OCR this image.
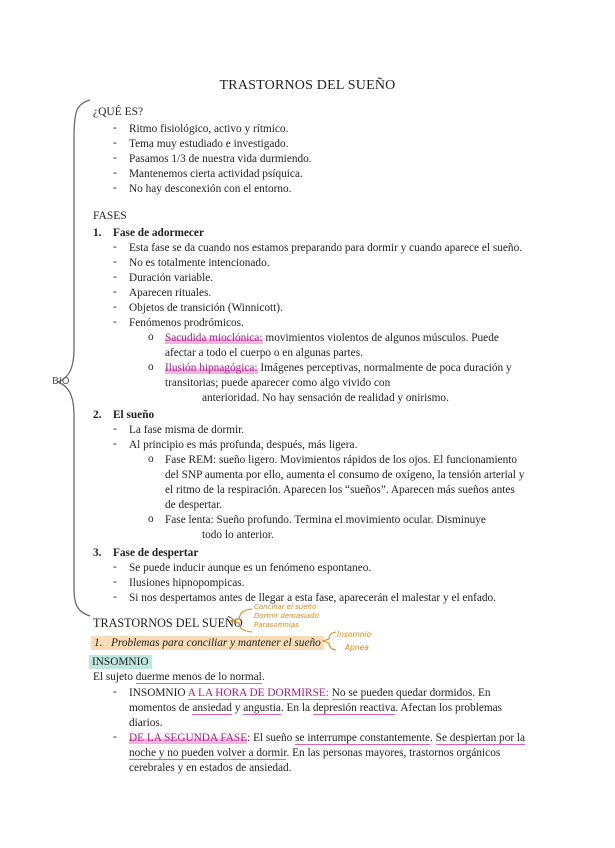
TRASTORNOS DEL SUEÑO
BIO
¿QUÉ ES?
- Ritmo fisiológico, activo y rítmico.
- Tema muy estudiado e investigado.
- Pasamos 1/3 de nuestra vida durmiendo.
- Mantenemos cierta actividad psíquica.
- No hay desconexión con el entorno.
FASES
1. Fase de adormecer
- Esta fase se da cuando nos estamos preparando para dormir y cuando aparece el sueño.
- No es totalmente intencionado.
- Duración variable.
- Aparecen rituales.
- Objetos de transición (Winnicott).
- Fenómenos prodrómicos.
o Sacudida mioclónica: movimientos violentos de algunos músculos. Puede
afectar a todo el cuerpo o en algunas partes.
o Ilusión hipnagógica: Imágenes perceptivas, normalmente de poca duración y
transitorias; puede aparecer como algo vivido con
anterioridad. No hay sensación de realidad y onirismo.
2. El sueño
- La fase misma de dormir.
- Al principio es más profunda, después, más ligera.
o Fase REM: sueño ligero. Movimientos rápidos de los ojos. El funcionamiento
del SNP aumenta por ello, aumenta el consumo de oxígeno, la tensión arterial y
el ritmo de la respiración. Aparecen los “sueños”. Aparecen más sueños antes
de despertar.
o Fase lenta: Sueño profundo. Termina el movimiento ocular. Disminuye
todo lo anterior.
3. Fase de despertar
- Se puede inducir aunque es un fenómeno espontaneo.
- Ilusiones hipnopompicas.
- Si nos despertamos antes de llegar a esta fase, aparecerán el malestar y el enfado.
TRASTORNOS DEL SUEÑO
Conciliar el sueño
Dormir demasiado
Parasomnias
1. Problemas para conciliar y mantener el sueño
Insomnio
Apnea
INSOMNIO
El sujeto duerme menos de lo normal.
- INSOMNIO A LA HORA DE DORMIRSE: No se pueden quedar dormidos. En
momentos de ansiedad y angustia. En la depresión reactiva. Afectan los problemas
diarios.
- DE LA SEGUNDA FASE: El sueño se interrumpe constantemente. Se despiertan por la
noche y no pueden volver a dormir. En las personas mayores, trastornos orgánicos
cerebrales y en estados de ansiedad.
